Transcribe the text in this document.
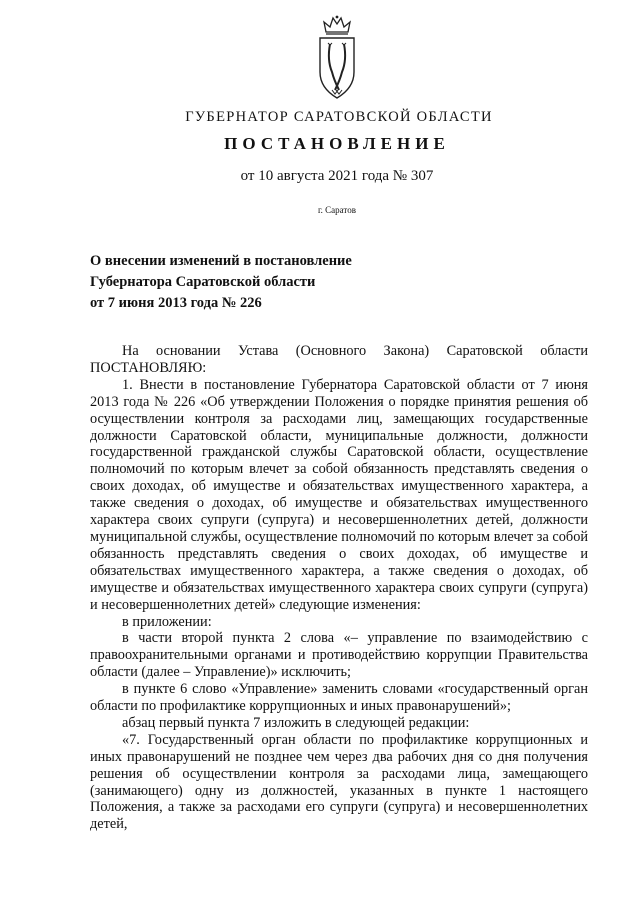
ГУБЕРНАТОР САРАТОВСКОЙ ОБЛАСТИ
ПОСТАНОВЛЕНИЕ
от 10 августа 2021 года № 307
г. Саратов
О внесении изменений в постановление
Губернатора Саратовской области
от 7 июня 2013 года № 226

На основании Устава (Основного Закона) Саратовской области ПОСТАНОВЛЯЮ:

1. Внести в постановление Губернатора Саратовской области от 7 июня 2013 года № 226 «Об утверждении Положения о порядке принятия решения об осуществлении контроля за расходами лиц, замещающих государственные должности Саратовской области, муниципальные должности, должности государственной гражданской службы Саратовской области, осуществление полномочий по которым влечет за собой обязанность представлять сведения о своих доходах, об имуществе и обязательствах имущественного характера, а также сведения о доходах, об имуществе и обязательствах имущественного характера своих супруги (супруга) и несовершеннолетних детей, должности муниципальной службы, осуществление полномочий по которым влечет за собой обязанность представлять сведения о своих доходах, об имуществе и обязательствах имущественного характера, а также сведения о доходах, об имуществе и обязательствах имущественного характера своих супруги (супруга) и несовершеннолетних детей» следующие изменения:

в приложении:

в части второй пункта 2 слова «– управление по взаимодействию с правоохранительными органами и противодействию коррупции Правительства области (далее – Управление)» исключить;

в пункте 6 слово «Управление» заменить словами «государственный орган области по профилактике коррупционных и иных правонарушений»;

абзац первый пункта 7 изложить в следующей редакции:

«7. Государственный орган области по профилактике коррупционных и иных правонарушений не позднее чем через два рабочих дня со дня получения решения об осуществлении контроля за расходами лица, замещающего (занимающего) одну из должностей, указанных в пункте 1 настоящего Положения, а также за расходами его супруги (супруга) и несовершеннолетних детей,
